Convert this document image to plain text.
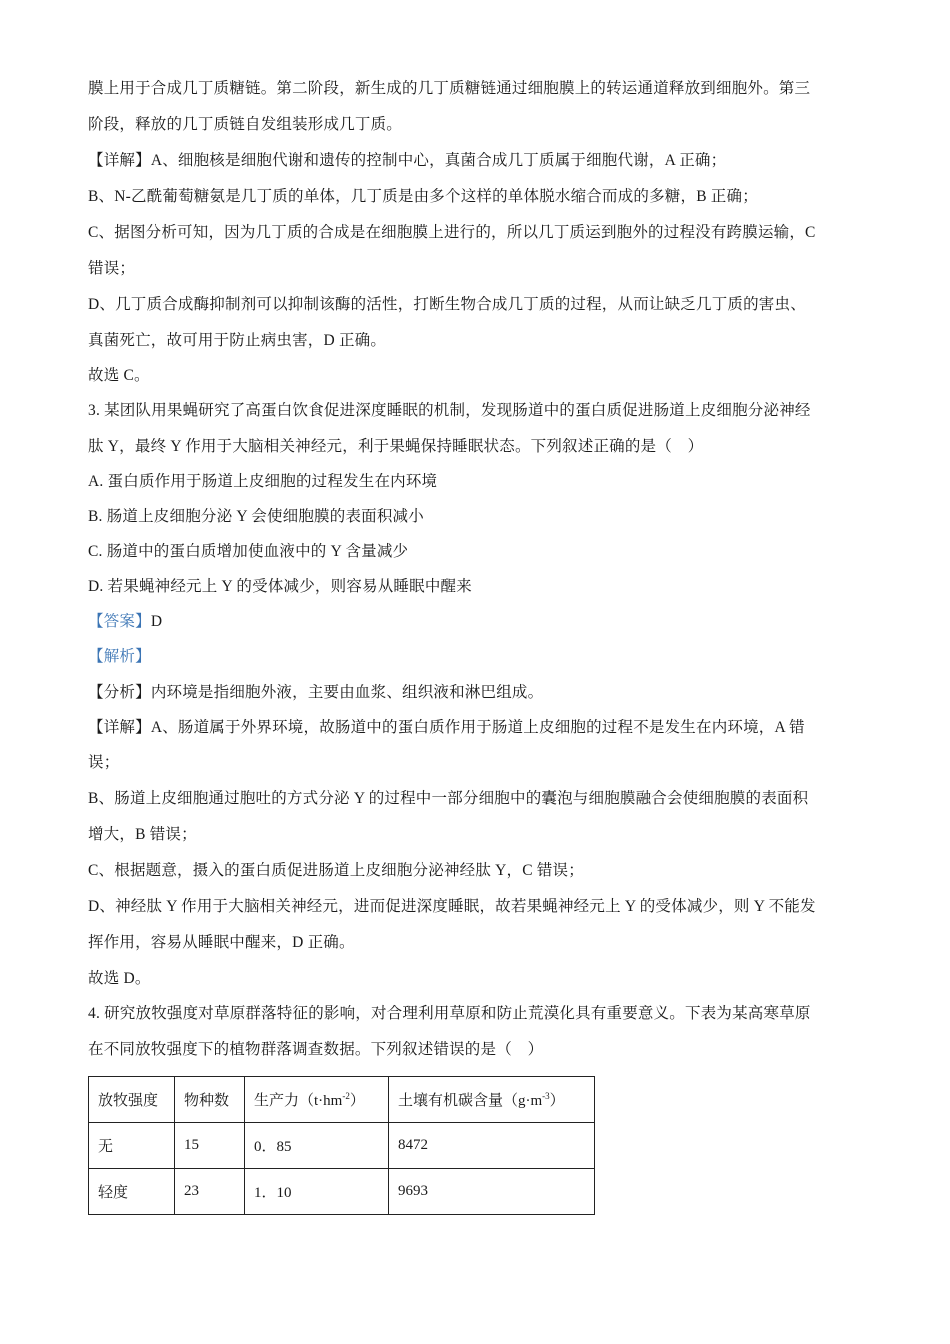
膜上用于合成几丁质糖链。第二阶段，新生成的几丁质糖链通过细胞膜上的转运通道释放到细胞外。第三
阶段，释放的几丁质链自发组装形成几丁质。
【详解】A、细胞核是细胞代谢和遗传的控制中心，真菌合成几丁质属于细胞代谢，A 正确；
B、N-乙酰葡萄糖氨是几丁质的单体，几丁质是由多个这样的单体脱水缩合而成的多糖，B 正确；
C、据图分析可知，因为几丁质的合成是在细胞膜上进行的，所以几丁质运到胞外的过程没有跨膜运输，C
错误；
D、几丁质合成酶抑制剂可以抑制该酶的活性，打断生物合成几丁质的过程，从而让缺乏几丁质的害虫、
真菌死亡，故可用于防止病虫害，D 正确。
故选 C。
3. 某团队用果蝇研究了高蛋白饮食促进深度睡眠的机制，发现肠道中的蛋白质促进肠道上皮细胞分泌神经
肽 Y，最终 Y 作用于大脑相关神经元，利于果蝇保持睡眠状态。下列叙述正确的是（　）
A. 蛋白质作用于肠道上皮细胞的过程发生在内环境
B. 肠道上皮细胞分泌 Y 会使细胞膜的表面积减小
C. 肠道中的蛋白质增加使血液中的 Y 含量减少
D. 若果蝇神经元上 Y 的受体减少，则容易从睡眠中醒来
【答案】D
【解析】
【分析】内环境是指细胞外液，主要由血浆、组织液和淋巴组成。
【详解】A、肠道属于外界环境，故肠道中的蛋白质作用于肠道上皮细胞的过程不是发生在内环境，A 错
误；
B、肠道上皮细胞通过胞吐的方式分泌 Y 的过程中一部分细胞中的囊泡与细胞膜融合会使细胞膜的表面积
增大，B 错误；
C、根据题意，摄入的蛋白质促进肠道上皮细胞分泌神经肽 Y，C 错误；
D、神经肽 Y 作用于大脑相关神经元，进而促进深度睡眠，故若果蝇神经元上 Y 的受体减少，则 Y 不能发
挥作用，容易从睡眠中醒来，D 正确。
故选 D。
4. 研究放牧强度对草原群落特征的影响，对合理利用草原和防止荒漠化具有重要意义。下表为某高寒草原
在不同放牧强度下的植物群落调查数据。下列叙述错误的是（　）
放牧强度	物种数	生产力$(t\cdot hm^{-2})$	土壤有机碳含量$(g\cdot m^{-3})$
无	15	0．85	8472
轻度	23	1．10	9693
